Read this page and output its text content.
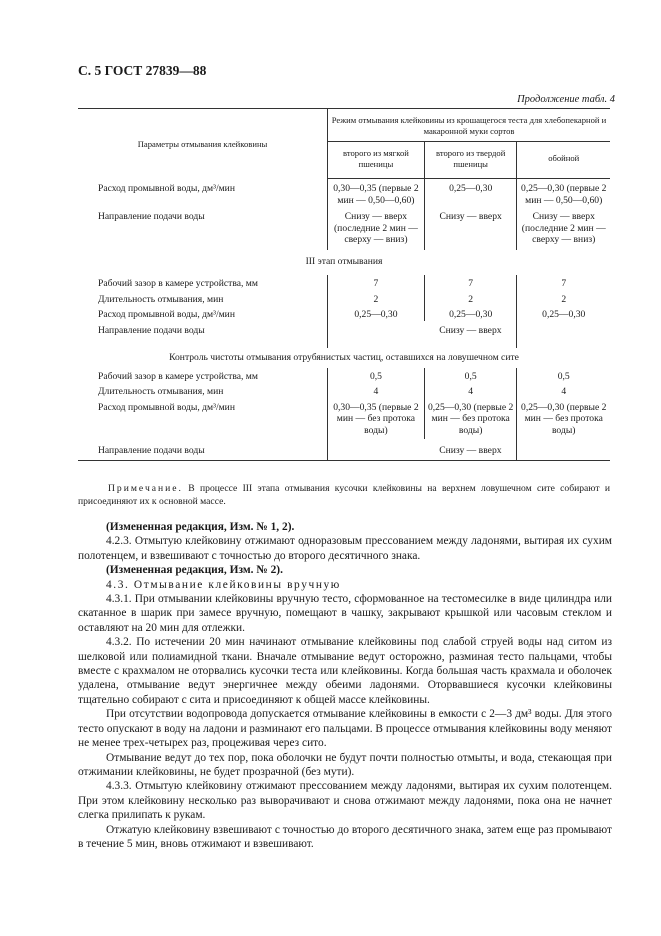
С. 5 ГОСТ 27839—88
Продолжение табл. 4
Параметры отмывания клейковины	Режим отмывания клейковины из крошащегося теста для хлебопекарной и макаронной муки сортов		
	второго из мягкой пшеницы	второго из твердой пшеницы	обойной
Расход промывной воды, дм³/мин	0,30—0,35 (первые 2 мин — 0,50—0,60)	0,25—0,30	0,25—0,30 (первые 2 мин — 0,50—0,60)
Направление подачи воды	Снизу — вверх (последние 2 мин — сверху — вниз)	Снизу — вверх	Снизу — вверх (последние 2 мин — сверху — вниз)
III этап отмывания			
Рабочий зазор в камере устройства, мм	7	7	7
Длительность отмывания, мин	2	2	2
Расход промывной воды, дм³/мин	0,25—0,30	0,25—0,30	0,25—0,30
Направление подачи воды		Снизу — вверх	
Контроль чистоты отмывания отрубянистых частиц, оставшихся на ловушечном сите			
Рабочий зазор в камере устройства, мм	0,5	0,5	0,5
Длительность отмывания, мин	4	4	4
Расход промывной воды, дм³/мин	0,30—0,35 (первые 2 мин — без протока воды)	0,25—0,30 (первые 2 мин — без протока воды)	0,25—0,30 (первые 2 мин — без протока воды)
Направление подачи воды		Снизу — вверх	
Примечание. В процессе III этапа отмывания кусочки клейковины на верхнем ловушечном сите собирают и присоединяют их к основной массе.

(Измененная редакция, Изм. № 1, 2).

4.2.3. Отмытую клейковину отжимают одноразовым прессованием между ладонями, вытирая их сухим полотенцем, и взвешивают с точностью до второго десятичного знака.

(Измененная редакция, Изм. № 2).

4.3. Отмывание клейковины вручную

4.3.1. При отмывании клейковины вручную тесто, сформованное на тестомесилке в виде цилиндра или скатанное в шарик при замесе вручную, помещают в чашку, закрывают крышкой или часовым стеклом и оставляют на 20 мин для отлежки.

4.3.2. По истечении 20 мин начинают отмывание клейковины под слабой струей воды над ситом из шелковой или полиамидной ткани. Вначале отмывание ведут осторожно, разминая тесто пальцами, чтобы вместе с крахмалом не оторвались кусочки теста или клейковины. Когда большая часть крахмала и оболочек удалена, отмывание ведут энергичнее между обеими ладонями. Оторвавшиеся кусочки клейковины тщательно собирают с сита и присоединяют к общей массе клейковины.

При отсутствии водопровода допускается отмывание клейковины в емкости с 2—3 дм³ воды. Для этого тесто опускают в воду на ладони и разминают его пальцами. В процессе отмывания клейковины воду меняют не менее трех-четырех раз, процеживая через сито.

Отмывание ведут до тех пор, пока оболочки не будут почти полностью отмыты, и вода, стекающая при отжимании клейковины, не будет прозрачной (без мути).

4.3.3. Отмытую клейковину отжимают прессованием между ладонями, вытирая их сухим полотенцем. При этом клейковину несколько раз выворачивают и снова отжимают между ладонями, пока она не начнет слегка прилипать к рукам.

Отжатую клейковину взвешивают с точностью до второго десятичного знака, затем еще раз промывают в течение 5 мин, вновь отжимают и взвешивают.
